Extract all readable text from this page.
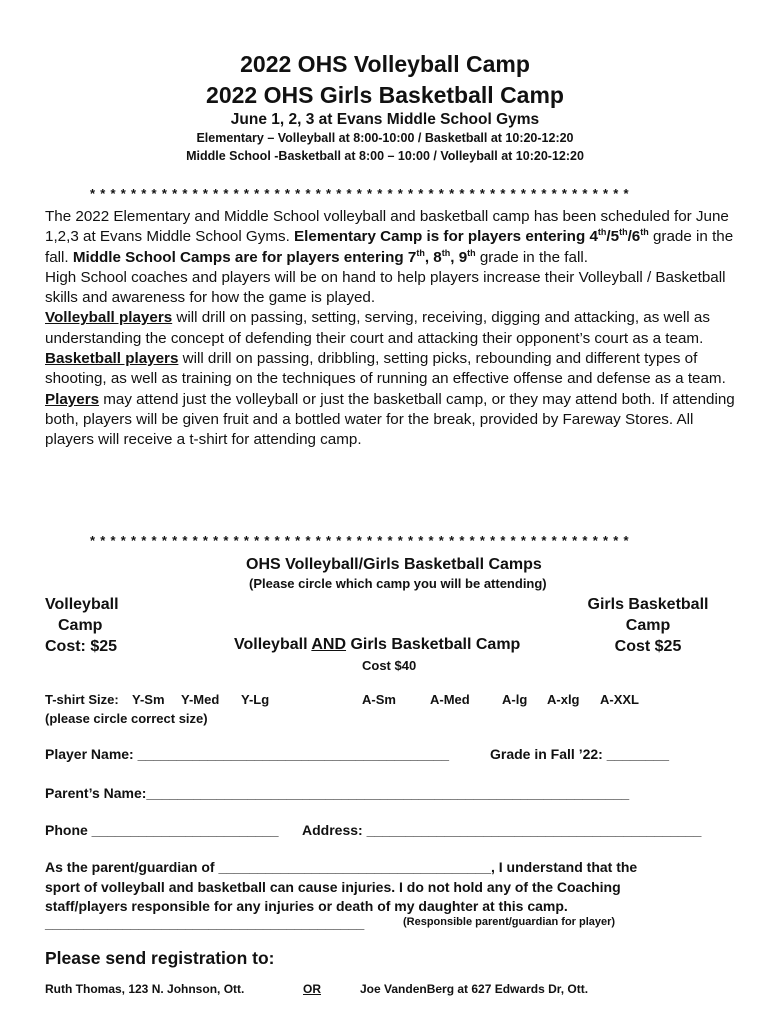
2022 OHS Volleyball Camp
2022 OHS Girls Basketball Camp
June 1, 2, 3 at Evans Middle School Gyms
Elementary – Volleyball at 8:00-10:00 / Basketball at 10:20-12:20
Middle School -Basketball at 8:00 – 10:00 / Volleyball at 10:20-12:20
*****************************************************
The 2022 Elementary and Middle School volleyball and basketball camp has been scheduled for June 1,2,3 at Evans Middle School Gyms. Elementary Camp is for players entering 4th/5th/6th grade in the fall. Middle School Camps are for players entering 7th, 8th, 9th grade in the fall.
High School coaches and players will be on hand to help players increase their Volleyball / Basketball skills and awareness for how the game is played.
Volleyball players will drill on passing, setting, serving, receiving, digging and attacking, as well as understanding the concept of defending their court and attacking their opponent’s court as a team.
Basketball players will drill on passing, dribbling, setting picks, rebounding and different types of shooting, as well as training on the techniques of running an effective offense and defense as a team.
Players may attend just the volleyball or just the basketball camp, or they may attend both. If attending both, players will be given fruit and a bottled water for the break, provided by Fareway Stores. All players will receive a t-shirt for attending camp.
*****************************************************
OHS Volleyball/Girls Basketball Camps
(Please circle which camp you will be attending)
Volleyball
Camp
Cost: $25	Volleyball AND Girls Basketball Camp
Cost $40
Girls Basketball
Camp
Cost $25
T-shirt Size: Y-Sm Y-Med Y-Lg	A-Sm	A-Med A-lg A-xlg A-XXL
(please circle correct size)
Player Name: ________________________________________	Grade in Fall ’22: ________
Parent’s Name:______________________________________________________________
Phone ________________________ Address: ___________________________________________
As the parent/guardian of ___________________________________, I understand that the
sport of volleyball and basketball can cause injuries. I do not hold any of the Coaching
staff/players responsible for any injuries or death of my daughter at this camp.
_________________________________________	(Responsible parent/guardian for player)
Please send registration to:
Ruth Thomas, 123 N. Johnson, Ott.	OR	Joe VandenBerg at 627 Edwards Dr, Ott.
